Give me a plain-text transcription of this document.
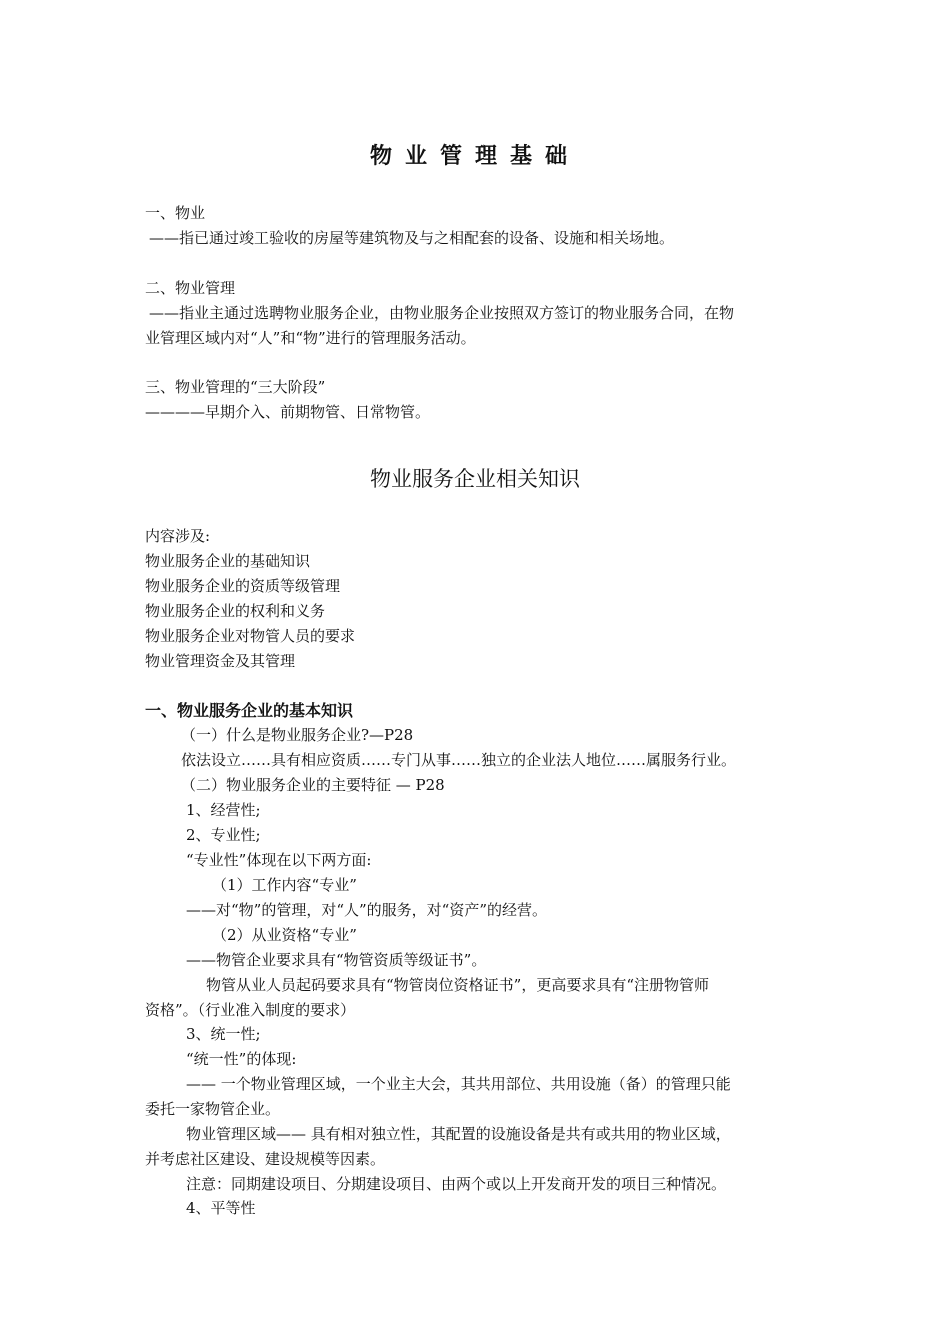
物业管理基础
一、物业
——指已通过竣工验收的房屋等建筑物及与之相配套的设备、设施和相关场地。
二、物业管理
——指业主通过选聘物业服务企业，由物业服务企业按照双方签订的物业服务合同，在物
业管理区域内对“人”和“物”进行的管理服务活动。
三、物业管理的“三大阶段”
————早期介入、前期物管、日常物管。
物业服务企业相关知识
内容涉及:
物业服务企业的基础知识
物业服务企业的资质等级管理
物业服务企业的权利和义务
物业服务企业对物管人员的要求
物业管理资金及其管理
一、物业服务企业的基本知识
（一）什么是物业服务企业?—P28
依法设立……具有相应资质……专门从事……独立的企业法人地位……属服务行业。
（二）物业服务企业的主要特征 — P28
1、经营性;
2、专业性;
“专业性”体现在以下两方面:
（1）工作内容“专业”
——对“物”的管理，对“人”的服务，对“资产”的经营。
（2）从业资格“专业”
——物管企业要求具有“物管资质等级证书”。
物管从业人员起码要求具有“物管岗位资格证书”，更高要求具有“注册物管师
资格”。（行业准入制度的要求）
3、统一性;
“统一性”的体现:
—— 一个物业管理区域，一个业主大会，其共用部位、共用设施（备）的管理只能
委托一家物管企业。
物业管理区域—— 具有相对独立性，其配置的设施设备是共有或共用的物业区域，
并考虑社区建设、建设规模等因素。
注意：同期建设项目、分期建设项目、由两个或以上开发商开发的项目三种情况。
4、平等性
